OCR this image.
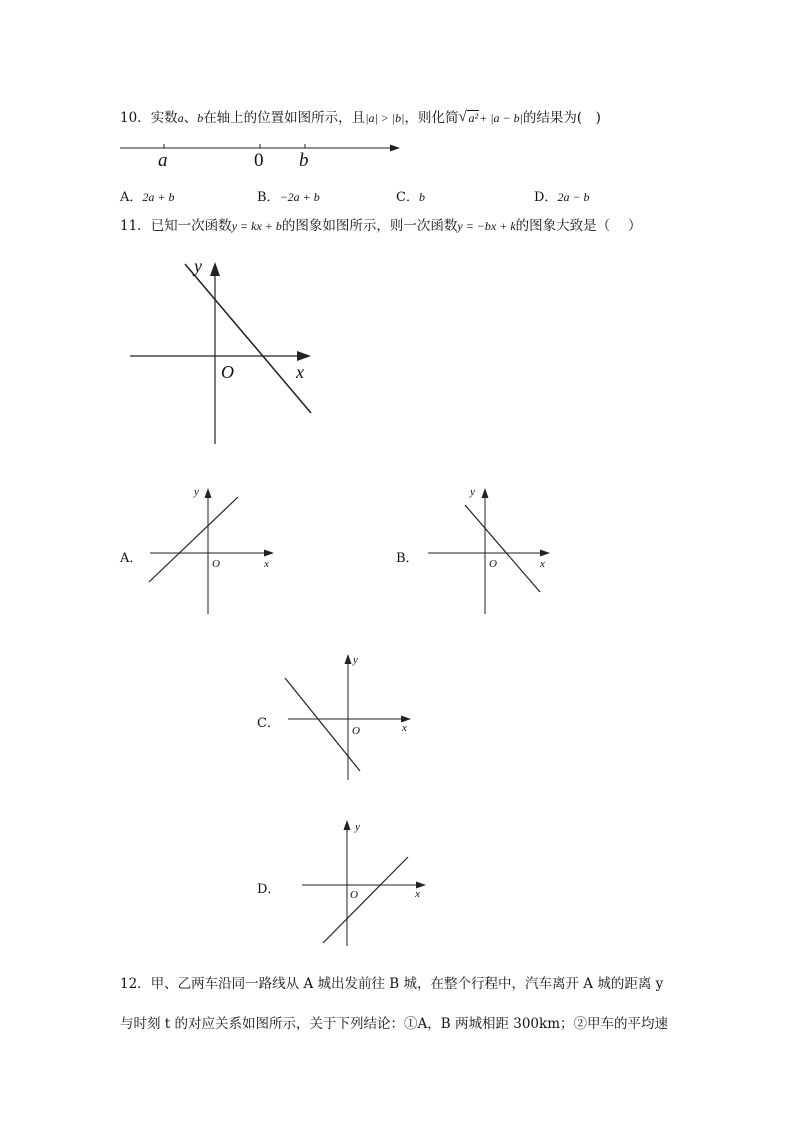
10．实数a、b在轴上的位置如图所示，且|a| > |b|，则化简 √ a²+ |a − b|的结果为(　)
a	0 b
A．2a + b	B．−2a + b	C．b	D．2a − b
11．已知一次函数y = kx + b的图象如图所示，则一次函数y = −bx + k的图象大致是（　 ）
y
O	x
A．
y
O	x	B．
y
O	x
C．
y
O	x
D．
y
O	x
12．甲、乙两车沿同一路线从 A 城出发前往 B 城，在整个行程中，汽车离开 A 城的距离 y
与时刻 t 的对应关系如图所示，关于下列结论：①A，B 两城相距 300km；②甲车的平均速
